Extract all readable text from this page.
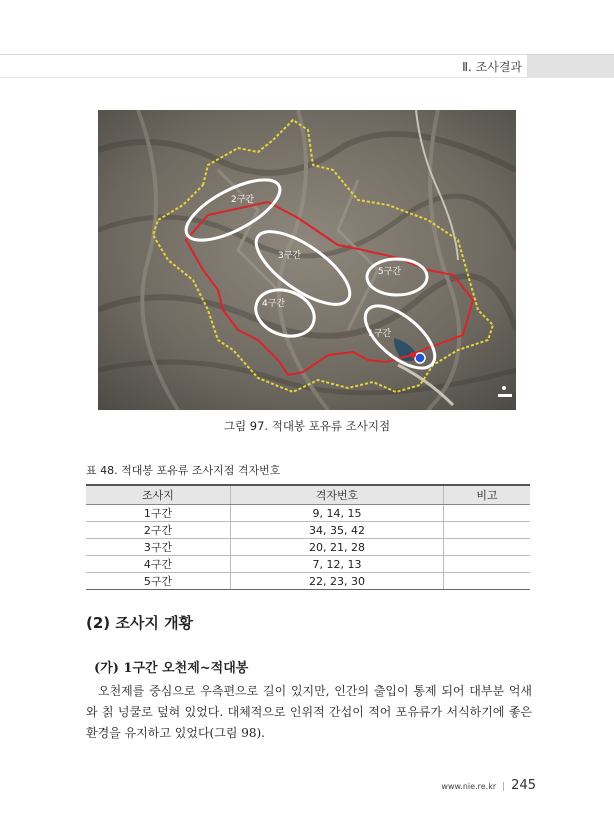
Ⅱ. 조사결과
2구간
3구간
5구간
4구간
1구간
그림 97. 적대봉 포유류 조사지점
표 48. 적대봉 포유류 조사지점 격자번호
조사지	격자번호	비고
1구간	9, 14, 15	
2구간	34, 35, 42	
3구간	20, 21, 28	
4구간	7, 12, 13	
5구간	22, 23, 30	
(2) 조사지 개황
(가) 1구간 오천제~적대봉
오천제를 중심으로 우측편으로 길이 있지만, 인간의 출입이 통제 되어 대부분 억새와 칡 넝쿨로 덮혀 있었다. 대체적으로 인위적 간섭이 적어 포유류가 서식하기에 좋은 환경을 유지하고 있었다(그림 98).
www.nie.re.kr | 245
